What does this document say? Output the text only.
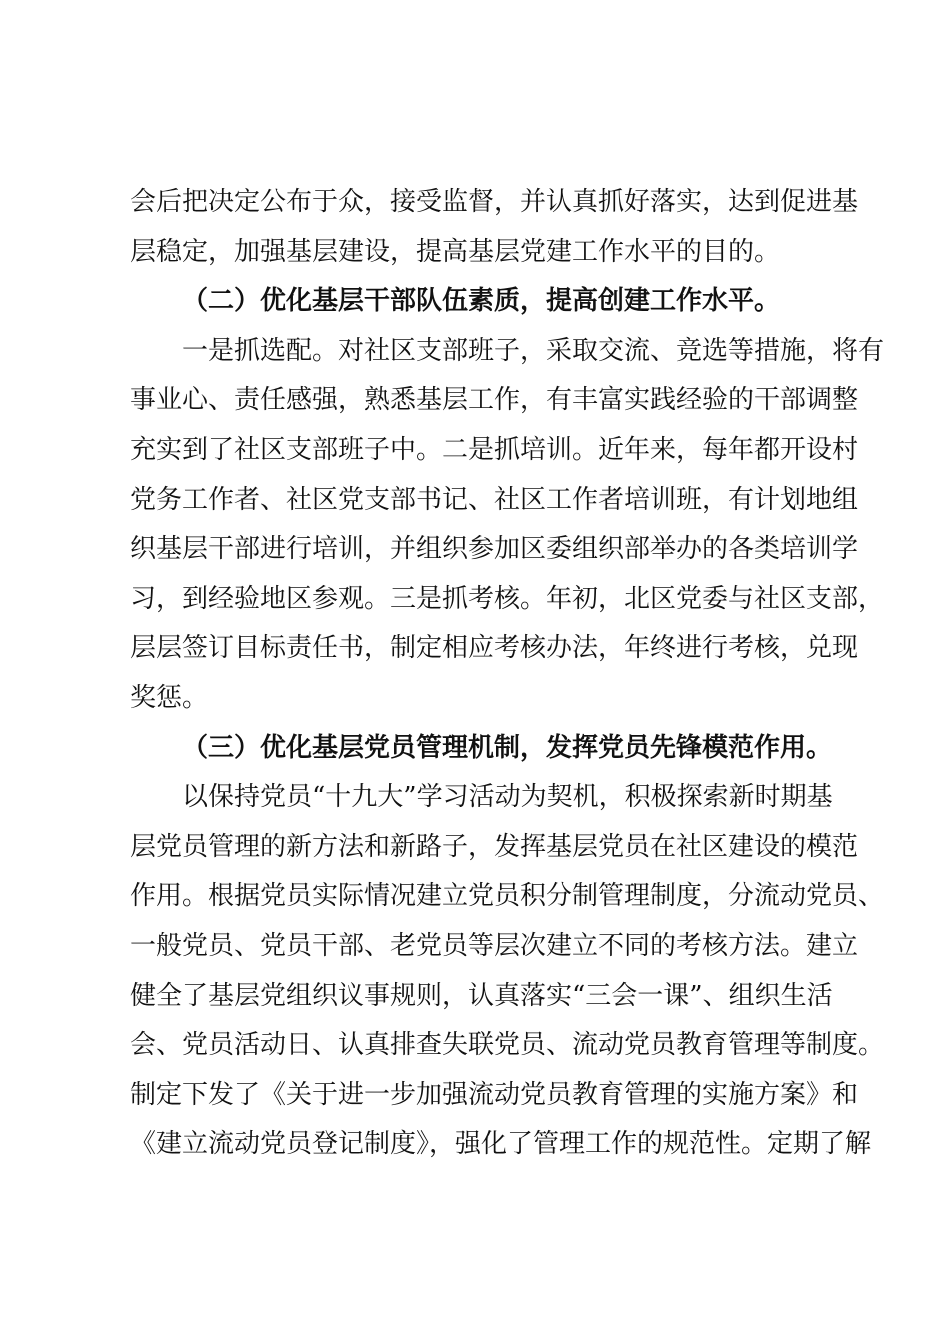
会后把决定公布于众，接受监督，并认真抓好落实，达到促进基
层稳定，加强基层建设，提高基层党建工作水平的目的。

（二）优化基层干部队伍素质，提高创建工作水平。

一是抓选配。对社区支部班子，采取交流、竞选等措施，将有
事业心、责任感强，熟悉基层工作，有丰富实践经验的干部调整
充实到了社区支部班子中。二是抓培训。近年来，每年都开设村
党务工作者、社区党支部书记、社区工作者培训班，有计划地组
织基层干部进行培训，并组织参加区委组织部举办的各类培训学
习，到经验地区参观。三是抓考核。年初，北区党委与社区支部，
层层签订目标责任书，制定相应考核办法，年终进行考核，兑现
奖惩。

（三）优化基层党员管理机制，发挥党员先锋模范作用。

以保持党员“十九大”学习活动为契机，积极探索新时期基
层党员管理的新方法和新路子，发挥基层党员在社区建设的模范
作用。根据党员实际情况建立党员积分制管理制度，分流动党员、
一般党员、党员干部、老党员等层次建立不同的考核方法。建立
健全了基层党组织议事规则，认真落实“三会一课”、组织生活
会、党员活动日、认真排查失联党员、流动党员教育管理等制度。
制定下发了《关于进一步加强流动党员教育管理的实施方案》和
《建立流动党员登记制度》，强化了管理工作的规范性。定期了解
